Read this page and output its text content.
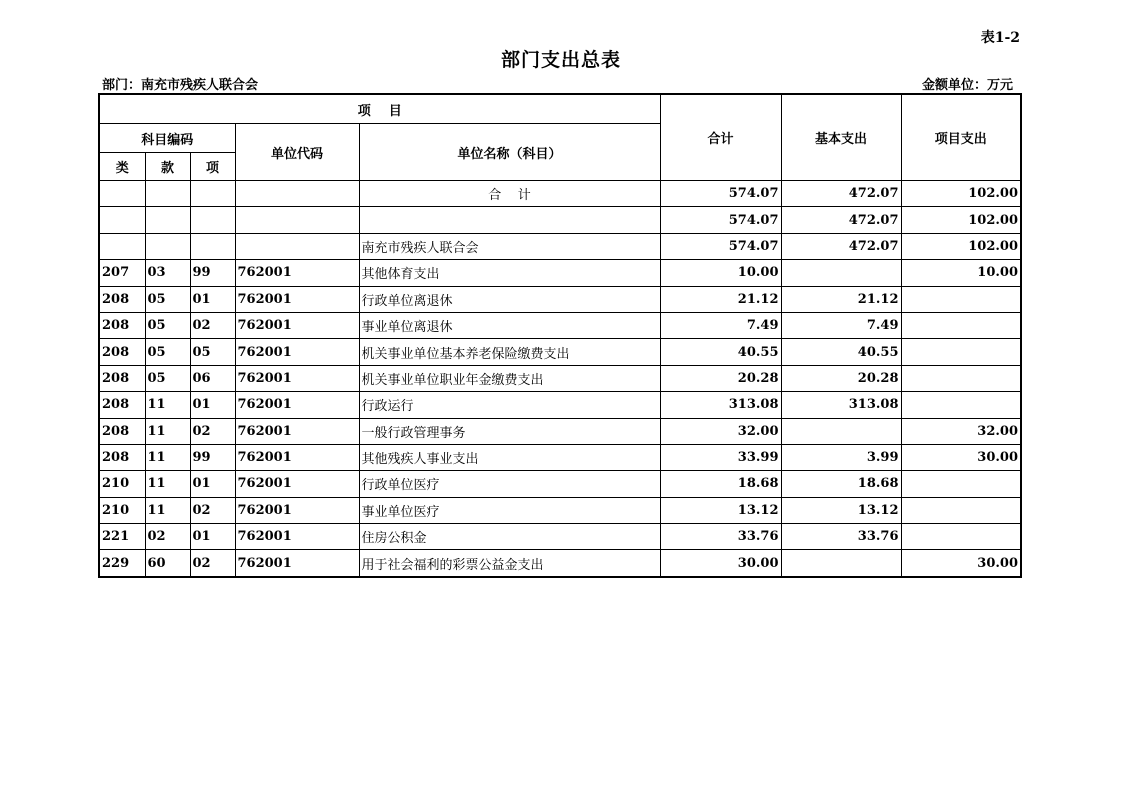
表1-2
部门支出总表
部门：南充市残疾人联合会	金额单位：万元
项    目					合计	基本支出	项目支出
科目编码			单位代码	单位名称（科目）			
类	款	项					
				合    计	574.07	472.07	102.00
					574.07	472.07	102.00
				南充市残疾人联合会	574.07	472.07	102.00
207	03	99	762001	其他体育支出	10.00		10.00
208	05	01	762001	行政单位离退休	21.12	21.12	
208	05	02	762001	事业单位离退休	7.49	7.49	
208	05	05	762001	机关事业单位基本养老保险缴费支出	40.55	40.55	
208	05	06	762001	机关事业单位职业年金缴费支出	20.28	20.28	
208	11	01	762001	行政运行	313.08	313.08	
208	11	02	762001	一般行政管理事务	32.00		32.00
208	11	99	762001	其他残疾人事业支出	33.99	3.99	30.00
210	11	01	762001	行政单位医疗	18.68	18.68	
210	11	02	762001	事业单位医疗	13.12	13.12	
221	02	01	762001	住房公积金	33.76	33.76	
229	60	02	762001	用于社会福利的彩票公益金支出	30.00		30.00
